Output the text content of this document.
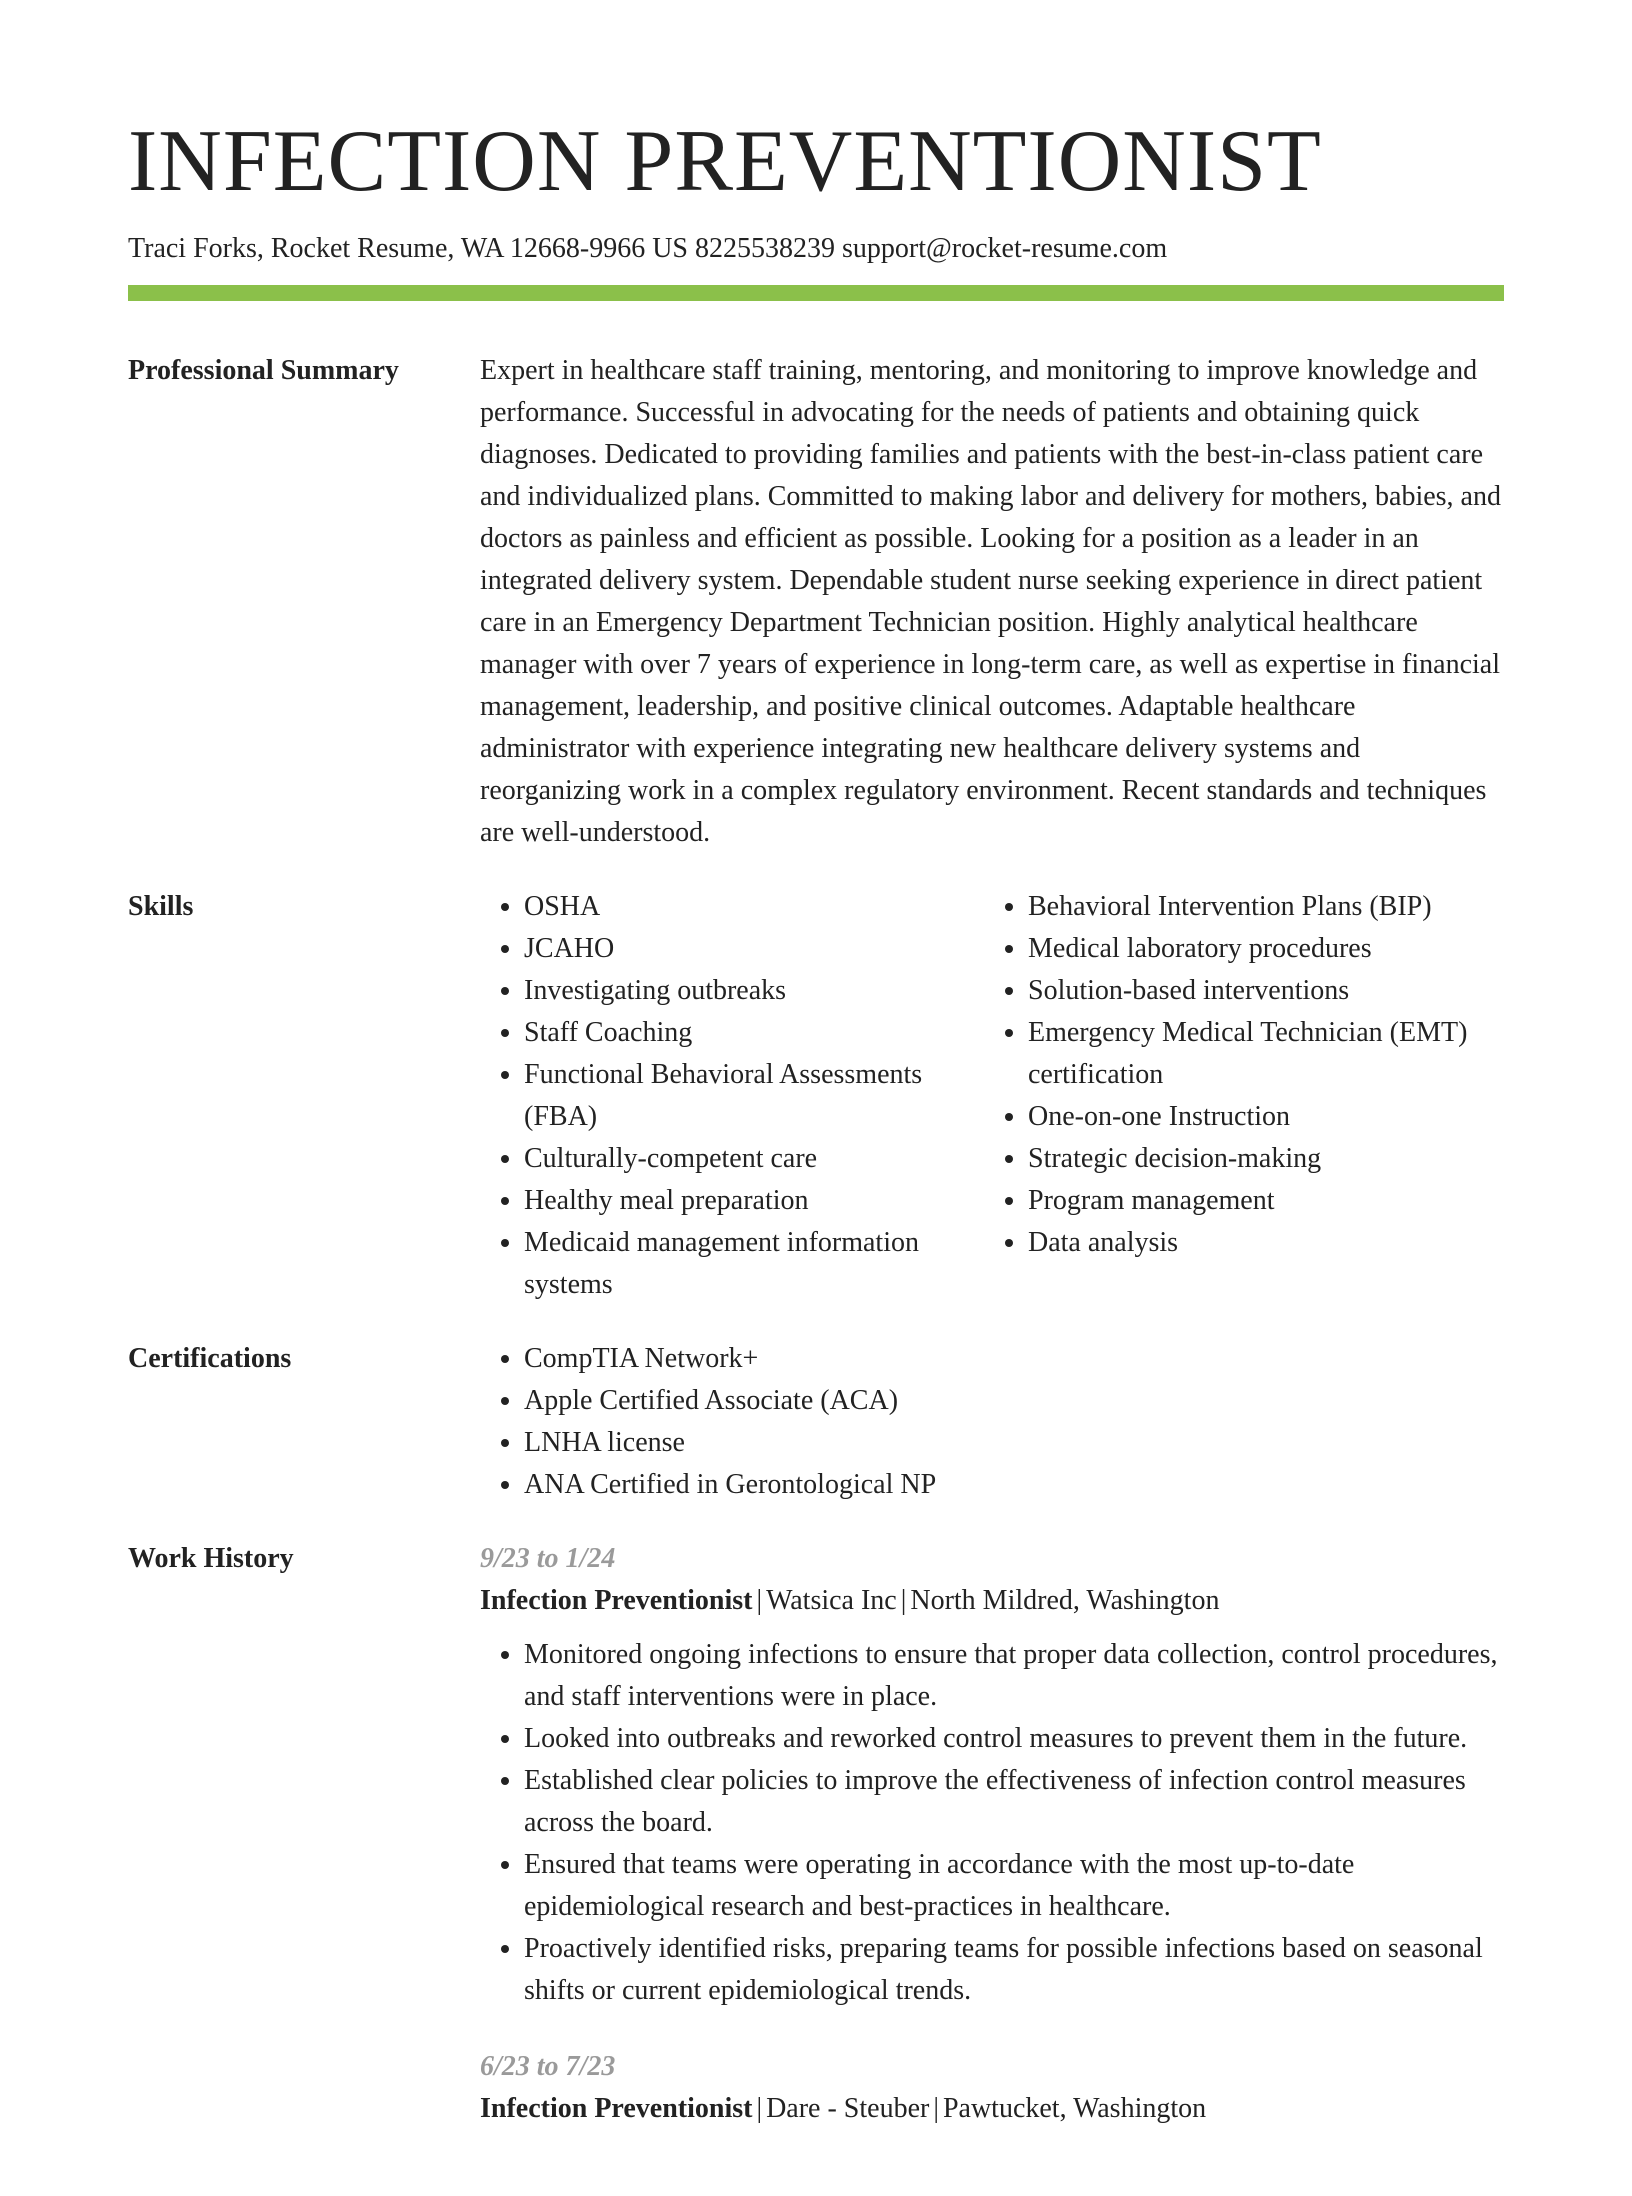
INFECTION PREVENTIONIST
Traci Forks, Rocket Resume, WA 12668-9966 US 8225538239 support@rocket-resume.com
Professional Summary	Expert in healthcare staff training, mentoring, and monitoring to improve knowledge and performance. Successful in advocating for the needs of patients and obtaining quick diagnoses. Dedicated to providing families and patients with the best-in-class patient care and individualized plans. Committed to making labor and delivery for mothers, babies, and doctors as painless and efficient as possible. Looking for a position as a leader in an integrated delivery system. Dependable student nurse seeking experience in direct patient care in an Emergency Department Technician position. Highly analytical healthcare manager with over 7 years of experience in long-term care, as well as expertise in financial management, leadership, and positive clinical outcomes. Adaptable healthcare administrator with experience integrating new healthcare delivery systems and reorganizing work in a complex regulatory environment. Recent standards and techniques are well-understood.

Skills	• OSHA
• JCAHO
• Investigating outbreaks
• Staff Coaching
• Functional Behavioral Assessments (FBA)
• Culturally-competent care
• Healthy meal preparation
• Medicaid management information systems
• Behavioral Intervention Plans (BIP)
• Medical laboratory procedures
• Solution-based interventions
• Emergency Medical Technician (EMT) certification
• One-on-one Instruction
• Strategic decision-making
• Program management
• Data analysis
Certifications	• CompTIA Network+
• Apple Certified Associate (ACA)
• LNHA license
• ANA Certified in Gerontological NP
Work History	9/23 to 1/24
Infection Preventionist | Watsica Inc | North Mildred, Washington
• Monitored ongoing infections to ensure that proper data collection, control procedures, and staff interventions were in place.
• Looked into outbreaks and reworked control measures to prevent them in the future.
• Established clear policies to improve the effectiveness of infection control measures across the board.
• Ensured that teams were operating in accordance with the most up-to-date epidemiological research and best-practices in healthcare.
• Proactively identified risks, preparing teams for possible infections based on seasonal shifts or current epidemiological trends.
6/23 to 7/23
Infection Preventionist | Dare - Steuber | Pawtucket, Washington
